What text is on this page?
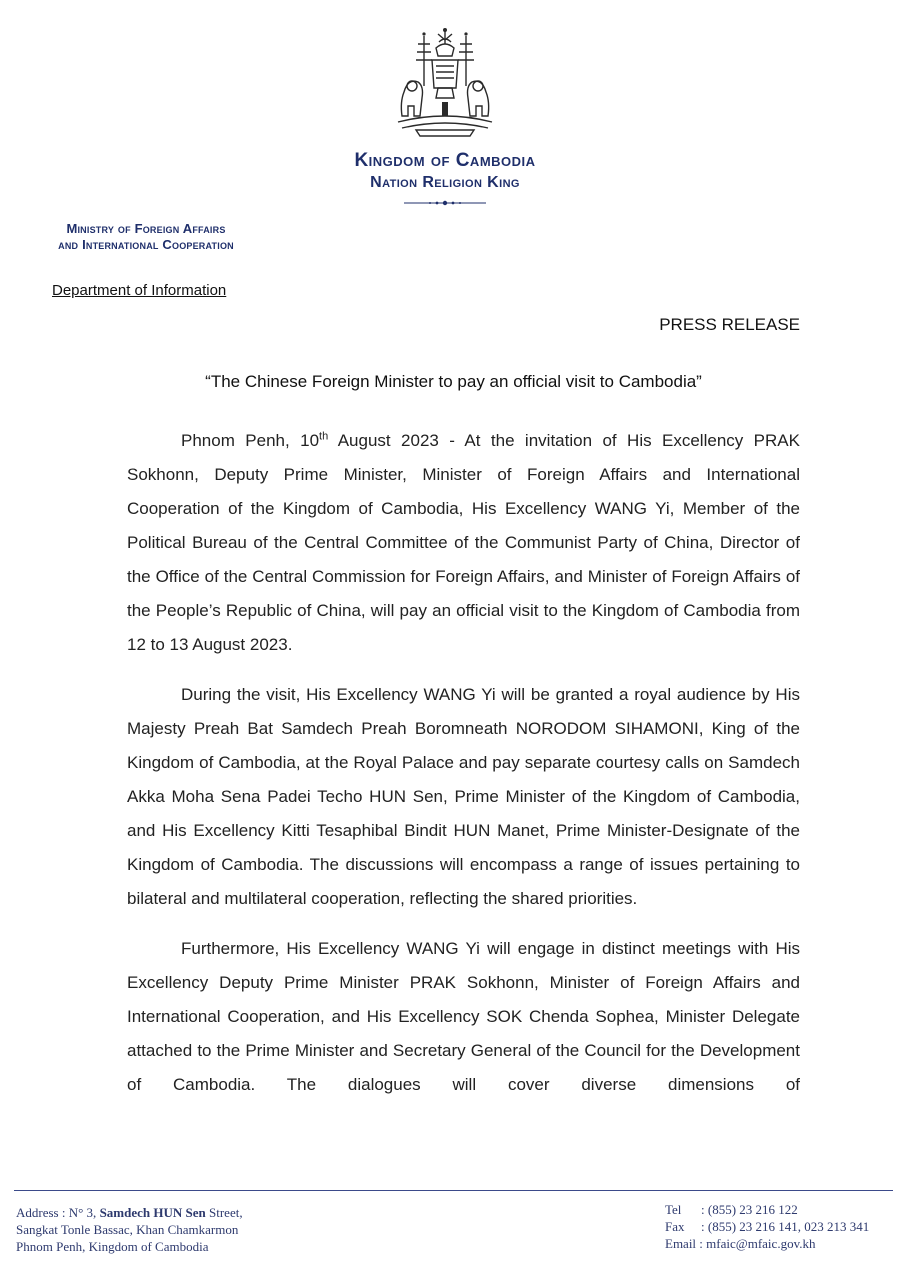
Kingdom of Cambodia
Nation Religion King
Ministry of Foreign Affairs
and International Cooperation
Department of Information
PRESS RELEASE
“The Chinese Foreign Minister to pay an official visit to Cambodia”

Phnom Penh, 10th August 2023 - At the invitation of His Excellency PRAK Sokhonn, Deputy Prime Minister, Minister of Foreign Affairs and International Cooperation of the Kingdom of Cambodia, His Excellency WANG Yi, Member of the Political Bureau of the Central Committee of the Communist Party of China, Director of the Office of the Central Commission for Foreign Affairs, and Minister of Foreign Affairs of the People’s Republic of China, will pay an official visit to the Kingdom of Cambodia from 12 to 13 August 2023.

During the visit, His Excellency WANG Yi will be granted a royal audience by His Majesty Preah Bat Samdech Preah Boromneath NORODOM SIHAMONI, King of the Kingdom of Cambodia, at the Royal Palace and pay separate courtesy calls on Samdech Akka Moha Sena Padei Techo HUN Sen, Prime Minister of the Kingdom of Cambodia, and His Excellency Kitti Tesaphibal Bindit HUN Manet, Prime Minister-Designate of the Kingdom of Cambodia. The discussions will encompass a range of issues pertaining to bilateral and multilateral cooperation, reflecting the shared priorities.

Furthermore, His Excellency WANG Yi will engage in distinct meetings with His Excellency Deputy Prime Minister PRAK Sokhonn, Minister of Foreign Affairs and International Cooperation, and His Excellency SOK Chenda Sophea, Minister Delegate attached to the Prime Minister and Secretary General of the Council for the Development of Cambodia. The dialogues will cover diverse dimensions of

Address : N° 3, Samdech HUN Sen Street,
Sangkat Tonle Bassac, Khan Chamkarmon
Phnom Penh, Kingdom of Cambodia
Tel : (855) 23 216 122
Fax : (855) 23 216 141, 023 213 341
Email : mfaic@mfaic.gov.kh
